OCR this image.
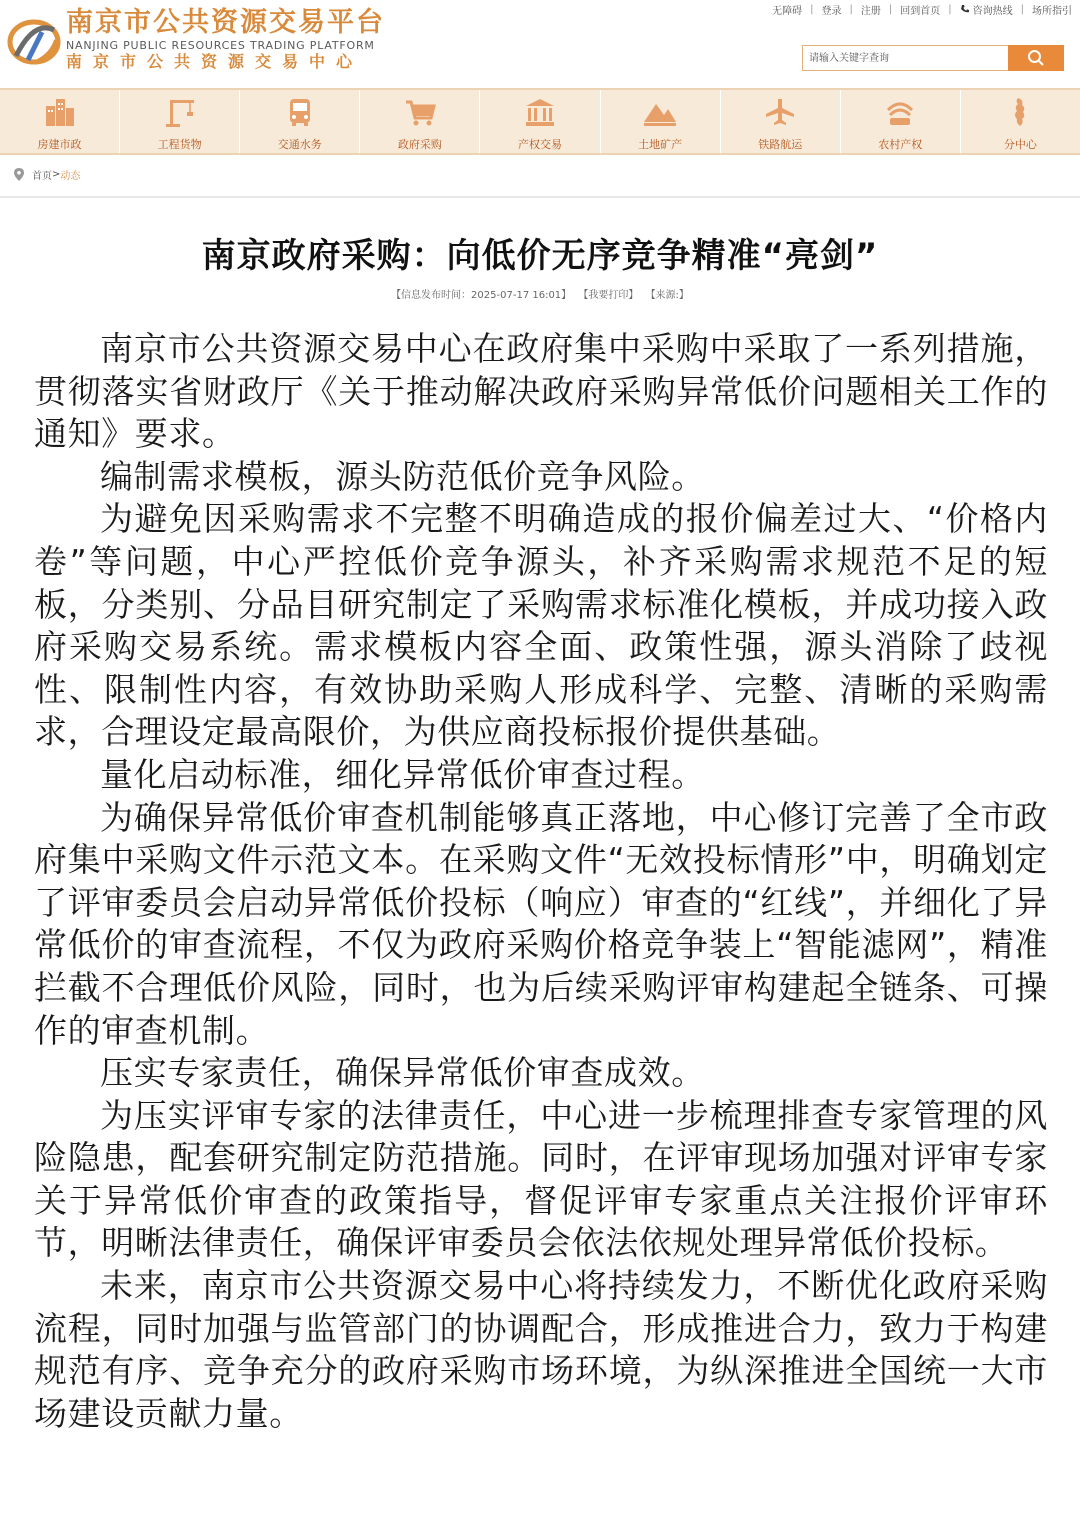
南京市公共资源交易平台
NANJING PUBLIC RESOURCES TRADING PLATFORM
南京市公共资源交易中心
无障碍 | 登录 | 注册 | 回到首页 | 咨询热线 | 场所指引
请输入关键字查询
房建市政	工程货物	交通水务	政府采购	产权交易	土地矿产	铁路航运	农村产权	分中心
首页 > 动态
南京政府采购：向低价无序竞争精准“亮剑”
【信息发布时间：2025-07-17 16:01】 【我要打印】 【来源:】

南京市公共资源交易中心在政府集中采购中采取了一系列措施，贯彻落实省财政厅《关于推动解决政府采购异常低价问题相关工作的通知》要求。

编制需求模板，源头防范低价竞争风险。

为避免因采购需求不完整不明确造成的报价偏差过大、“价格内卷”等问题，中心严控低价竞争源头，补齐采购需求规范不足的短板，分类别、分品目研究制定了采购需求标准化模板，并成功接入政府采购交易系统。需求模板内容全面、政策性强，源头消除了歧视性、限制性内容，有效协助采购人形成科学、完整、清晰的采购需求，合理设定最高限价，为供应商投标报价提供基础。

量化启动标准，细化异常低价审查过程。

为确保异常低价审查机制能够真正落地，中心修订完善了全市政府集中采购文件示范文本。在采购文件“无效投标情形”中，明确划定了评审委员会启动异常低价投标（响应）审查的“红线”，并细化了异常低价的审查流程，不仅为政府采购价格竞争装上“智能滤网”，精准拦截不合理低价风险，同时，也为后续采购评审构建起全链条、可操作的审查机制。

压实专家责任，确保异常低价审查成效。

为压实评审专家的法律责任，中心进一步梳理排查专家管理的风险隐患，配套研究制定防范措施。同时，在评审现场加强对评审专家关于异常低价审查的政策指导，督促评审专家重点关注报价评审环节，明晰法律责任，确保评审委员会依法依规处理异常低价投标。

未来，南京市公共资源交易中心将持续发力，不断优化政府采购流程，同时加强与监管部门的协调配合，形成推进合力，致力于构建规范有序、竞争充分的政府采购市场环境，为纵深推进全国统一大市场建设贡献力量。
